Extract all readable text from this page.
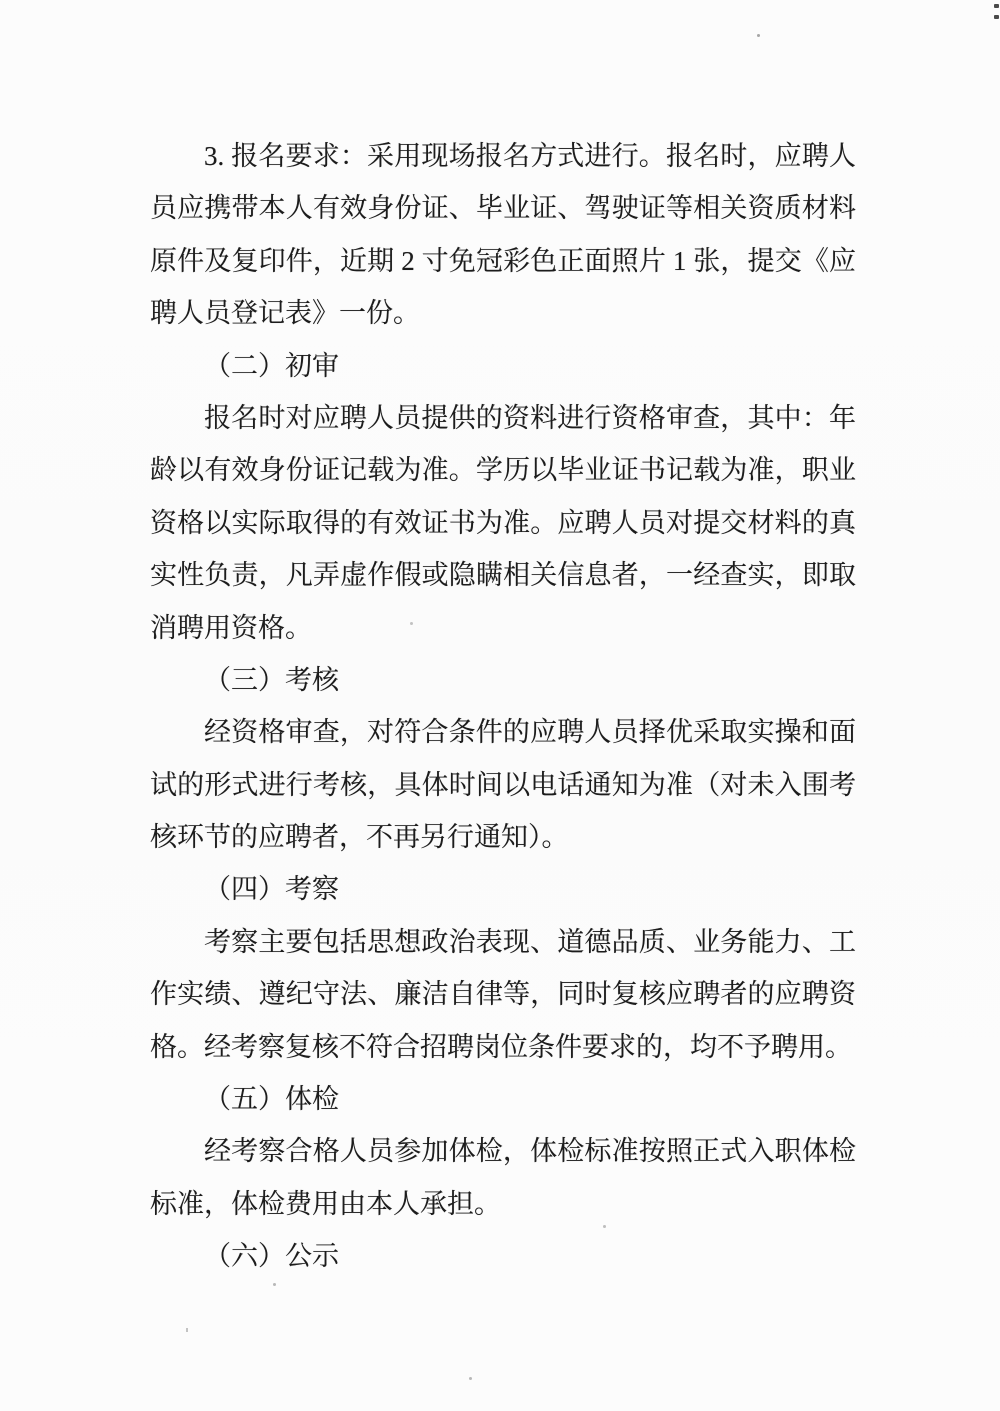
3. 报名要求：采用现场报名方式进行。报名时，应聘人
员应携带本人有效身份证、毕业证、驾驶证等相关资质材料
原件及复印件，近期 2 寸免冠彩色正面照片 1 张，提交《应
聘人员登记表》一份。
（二）初审
报名时对应聘人员提供的资料进行资格审查，其中：年
龄以有效身份证记载为准。学历以毕业证书记载为准，职业
资格以实际取得的有效证书为准。应聘人员对提交材料的真
实性负责，凡弄虚作假或隐瞒相关信息者，一经查实，即取
消聘用资格。
（三）考核
经资格审查，对符合条件的应聘人员择优采取实操和面
试的形式进行考核，具体时间以电话通知为准（对未入围考
核环节的应聘者，不再另行通知）。
（四）考察
考察主要包括思想政治表现、道德品质、业务能力、工
作实绩、遵纪守法、廉洁自律等，同时复核应聘者的应聘资
格。经考察复核不符合招聘岗位条件要求的，均不予聘用。
（五）体检
经考察合格人员参加体检，体检标准按照正式入职体检
标准，体检费用由本人承担。
（六）公示
